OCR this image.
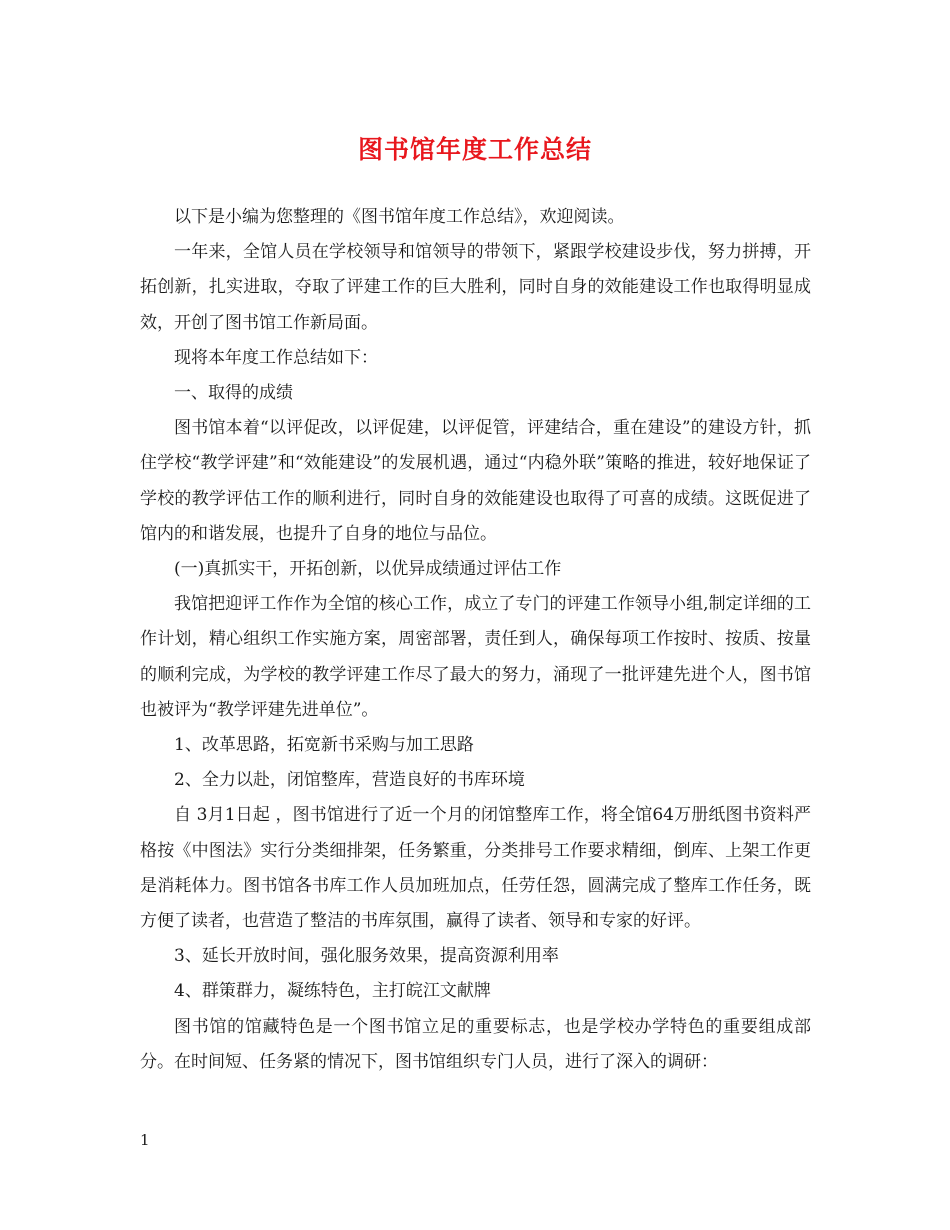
图书馆年度工作总结

以下是小编为您整理的《图书馆年度工作总结》，欢迎阅读。

一年来，全馆人员在学校领导和馆领导的带领下，紧跟学校建设步伐，努力拼搏，开拓创新，扎实进取，夺取了评建工作的巨大胜利，同时自身的效能建设工作也取得明显成效，开创了图书馆工作新局面。

现将本年度工作总结如下：

一、取得的成绩

图书馆本着“以评促改，以评促建，以评促管，评建结合，重在建设”的建设方针，抓住学校“教学评建”和“效能建设”的发展机遇，通过“内稳外联”策略的推进，较好地保证了学校的教学评估工作的顺利进行，同时自身的效能建设也取得了可喜的成绩。这既促进了馆内的和谐发展，也提升了自身的地位与品位。

(一)真抓实干，开拓创新，以优异成绩通过评估工作

我馆把迎评工作作为全馆的核心工作，成立了专门的评建工作领导小组,制定详细的工作计划，精心组织工作实施方案，周密部署，责任到人，确保每项工作按时、按质、按量的顺利完成，为学校的教学评建工作尽了最大的努力，涌现了一批评建先进个人，图书馆也被评为“教学评建先进单位”。

1、改革思路，拓宽新书采购与加工思路

2、全力以赴，闭馆整库，营造良好的书库环境

自 3月1日起 ，图书馆进行了近一个月的闭馆整库工作，将全馆64万册纸图书资料严格按《中图法》实行分类细排架，任务繁重，分类排号工作要求精细，倒库、上架工作更是消耗体力。图书馆各书库工作人员加班加点，任劳任怨，圆满完成了整库工作任务，既方便了读者，也营造了整洁的书库氛围，赢得了读者、领导和专家的好评。

3、延长开放时间，强化服务效果，提高资源利用率

4、群策群力，凝练特色，主打皖江文献牌

图书馆的馆藏特色是一个图书馆立足的重要标志，也是学校办学特色的重要组成部分。在时间短、任务紧的情况下，图书馆组织专门人员，进行了深入的调研：

1
